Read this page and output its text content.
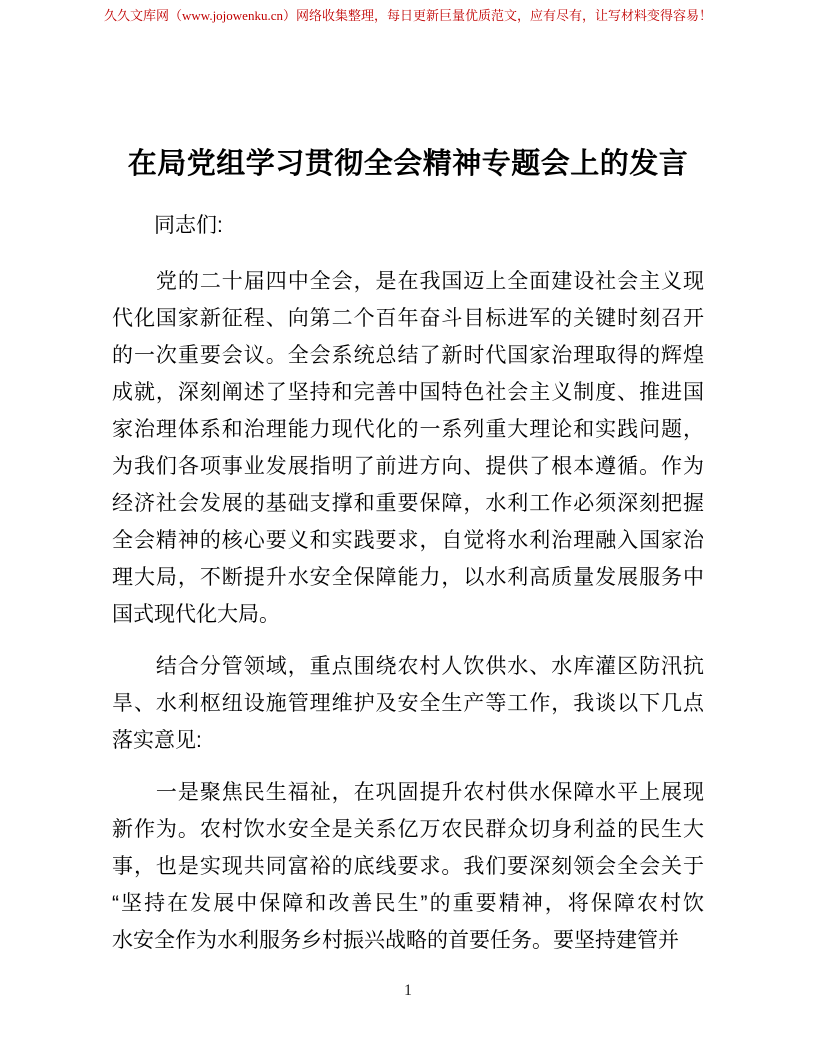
久久文库网（www.jojowenku.cn）网络收集整理，每日更新巨量优质范文，应有尽有，让写材料变得容易！
在局党组学习贯彻全会精神专题会上的发言
　　同志们:
　　党的二十届四中全会，是在我国迈上全面建设社会主义现
代化国家新征程、向第二个百年奋斗目标进军的关键时刻召开
的一次重要会议。全会系统总结了新时代国家治理取得的辉煌
成就，深刻阐述了坚持和完善中国特色社会主义制度、推进国
家治理体系和治理能力现代化的一系列重大理论和实践问题，
为我们各项事业发展指明了前进方向、提供了根本遵循。作为
经济社会发展的基础支撑和重要保障，水利工作必须深刻把握
全会精神的核心要义和实践要求，自觉将水利治理融入国家治
理大局，不断提升水安全保障能力，以水利高质量发展服务中
国式现代化大局。
　　结合分管领域，重点围绕农村人饮供水、水库灌区防汛抗
旱、水利枢纽设施管理维护及安全生产等工作，我谈以下几点
落实意见:
　　一是聚焦民生福祉，在巩固提升农村供水保障水平上展现
新作为。农村饮水安全是关系亿万农民群众切身利益的民生大
事，也是实现共同富裕的底线要求。我们要深刻领会全会关于
“坚持在发展中保障和改善民生”的重要精神，将保障农村饮
水安全作为水利服务乡村振兴战略的首要任务。要坚持建管并
1
